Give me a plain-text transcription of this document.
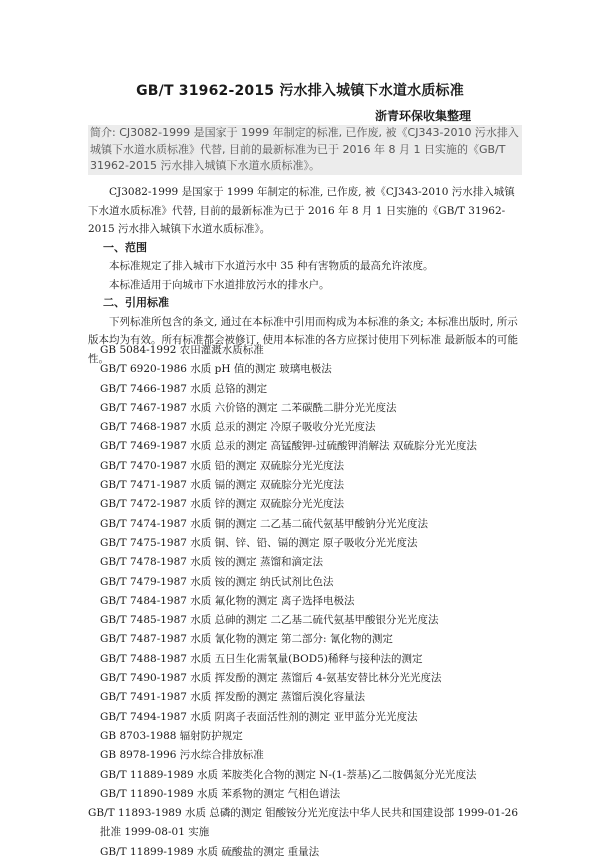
GB/T 31962-2015 污水排入城镇下水道水质标准
浙青环保收集整理
简介: CJ3082-1999 是国家于 1999 年制定的标准, 已作废, 被《CJ343-2010 污水排入城镇下水道水质标准》代替, 目前的最新标准为已于 2016 年 8 月 1 日实施的《GB/T 31962-2015 污水排入城镇下水道水质标准》。
CJ3082-1999 是国家于 1999 年制定的标准, 已作废, 被《CJ343-2010 污水排入城镇下水道水质标准》代替, 目前的最新标准为已于 2016 年 8 月 1 日实施的《GB/T 31962-2015 污水排入城镇下水道水质标准》。
一、范围
本标准规定了排入城市下水道污水中 35 种有害物质的最高允许浓度。
本标准适用于向城市下水道排放污水的排水户。
二、引用标准
下列标准所包含的条文, 通过在本标准中引用而构成为本标准的条文; 本标准出版时, 所示版本均为有效。所有标准都会被修订, 使用本标准的各方应探讨使用下列标准 最新版本的可能性。
GB 5084-1992 农田灌溉水质标准
GB/T 6920-1986 水质 pH 值的测定 玻璃电极法
GB/T 7466-1987 水质 总铬的测定
GB/T 7467-1987 水质 六价铬的测定 二苯碳酰二肼分光光度法
GB/T 7468-1987 水质 总汞的测定 冷原子吸收分光光度法
GB/T 7469-1987 水质 总汞的测定 高锰酸钾-过硫酸钾消解法 双硫腙分光光度法
GB/T 7470-1987 水质 铅的测定 双硫腙分光光度法
GB/T 7471-1987 水质 镉的测定 双硫腙分光光度法
GB/T 7472-1987 水质 锌的测定 双硫腙分光光度法
GB/T 7474-1987 水质 铜的测定 二乙基二硫代氨基甲酸钠分光光度法
GB/T 7475-1987 水质 铜、锌、铅、镉的测定 原子吸收分光光度法
GB/T 7478-1987 水质 铵的测定 蒸馏和滴定法
GB/T 7479-1987 水质 铵的测定 纳氏试剂比色法
GB/T 7484-1987 水质 氟化物的测定 离子选择电极法
GB/T 7485-1987 水质 总砷的测定 二乙基二硫代氨基甲酸银分光光度法
GB/T 7487-1987 水质 氰化物的测定 第二部分: 氰化物的测定
GB/T 7488-1987 水质 五日生化需氧量(BOD5)稀释与接种法的测定
GB/T 7490-1987 水质 挥发酚的测定 蒸馏后 4-氨基安替比林分光光度法
GB/T 7491-1987 水质 挥发酚的测定 蒸馏后溴化容量法
GB/T 7494-1987 水质 阴离子表面活性剂的测定 亚甲蓝分光光度法
GB 8703-1988 辐射防护规定
GB 8978-1996 污水综合排放标准
GB/T 11889-1989 水质 苯胺类化合物的测定 N-(1-萘基)乙二胺偶氮分光光度法
GB/T 11890-1989 水质 苯系物的测定 气相色谱法
GB/T 11893-1989 水质 总磷的测定 钼酸铵分光光度法中华人民共和国建设部 1999-01-26 批准 1999-08-01 实施
GB/T 11899-1989 水质 硫酸盐的测定 重量法
